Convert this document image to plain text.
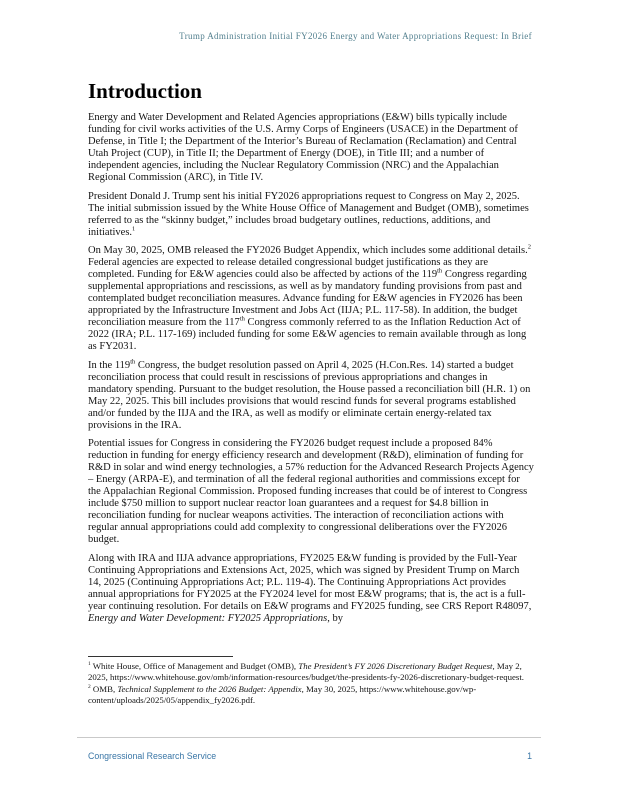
Trump Administration Initial FY2026 Energy and Water Appropriations Request: In Brief
Introduction

Energy and Water Development and Related Agencies appropriations (E&W) bills typically include funding for civil works activities of the U.S. Army Corps of Engineers (USACE) in the Department of Defense, in Title I; the Department of the Interior’s Bureau of Reclamation (Reclamation) and Central Utah Project (CUP), in Title II; the Department of Energy (DOE), in Title III; and a number of independent agencies, including the Nuclear Regulatory Commission (NRC) and the Appalachian Regional Commission (ARC), in Title IV.

President Donald J. Trump sent his initial FY2026 appropriations request to Congress on May 2, 2025. The initial submission issued by the White House Office of Management and Budget (OMB), sometimes referred to as the “skinny budget,” includes broad budgetary outlines, reductions, additions, and initiatives.$^1$

On May 30, 2025, OMB released the FY2026 Budget Appendix, which includes some additional details.$^2$ Federal agencies are expected to release detailed congressional budget justifications as they are completed. Funding for E&W agencies could also be affected by actions of the 119th Congress regarding supplemental appropriations and rescissions, as well as by mandatory funding provisions from past and contemplated budget reconciliation measures. Advance funding for E&W agencies in FY2026 has been appropriated by the Infrastructure Investment and Jobs Act (IIJA; P.L. 117-58). In addition, the budget reconciliation measure from the 117th Congress commonly referred to as the Inflation Reduction Act of 2022 (IRA; P.L. 117-169) included funding for some E&W agencies to remain available through as long as FY2031.

In the 119th Congress, the budget resolution passed on April 4, 2025 (H.Con.Res. 14) started a budget reconciliation process that could result in rescissions of previous appropriations and changes in mandatory spending. Pursuant to the budget resolution, the House passed a reconciliation bill (H.R. 1) on May 22, 2025. This bill includes provisions that would rescind funds for several programs established and/or funded by the IIJA and the IRA, as well as modify or eliminate certain energy-related tax provisions in the IRA.

Potential issues for Congress in considering the FY2026 budget request include a proposed 84% reduction in funding for energy efficiency research and development (R&D), elimination of funding for R&D in solar and wind energy technologies, a 57% reduction for the Advanced Research Projects Agency – Energy (ARPA-E), and termination of all the federal regional authorities and commissions except for the Appalachian Regional Commission. Proposed funding increases that could be of interest to Congress include $750 million to support nuclear reactor loan guarantees and a request for $4.8 billion in reconciliation funding for nuclear weapons activities. The interaction of reconciliation actions with regular annual appropriations could add complexity to congressional deliberations over the FY2026 budget.

Along with IRA and IIJA advance appropriations, FY2025 E&W funding is provided by the Full-Year Continuing Appropriations and Extensions Act, 2025, which was signed by President Trump on March 14, 2025 (Continuing Appropriations Act; P.L. 119-4). The Continuing Appropriations Act provides annual appropriations for FY2025 at the FY2024 level for most E&W programs; that is, the act is a full-year continuing resolution. For details on E&W programs and FY2025 funding, see CRS Report R48097, Energy and Water Development: FY2025 Appropriations, by

$^1$ White House, Office of Management and Budget (OMB), The President’s FY 2026 Discretionary Budget Request, May 2, 2025, https://www.whitehouse.gov/omb/information-resources/budget/the-presidents-fy-2026-discretionary-budget-request.

$^2$ OMB, Technical Supplement to the 2026 Budget: Appendix, May 30, 2025, https://www.whitehouse.gov/wp-content/uploads/2025/05/appendix_fy2026.pdf.

Congressional Research Service	1
